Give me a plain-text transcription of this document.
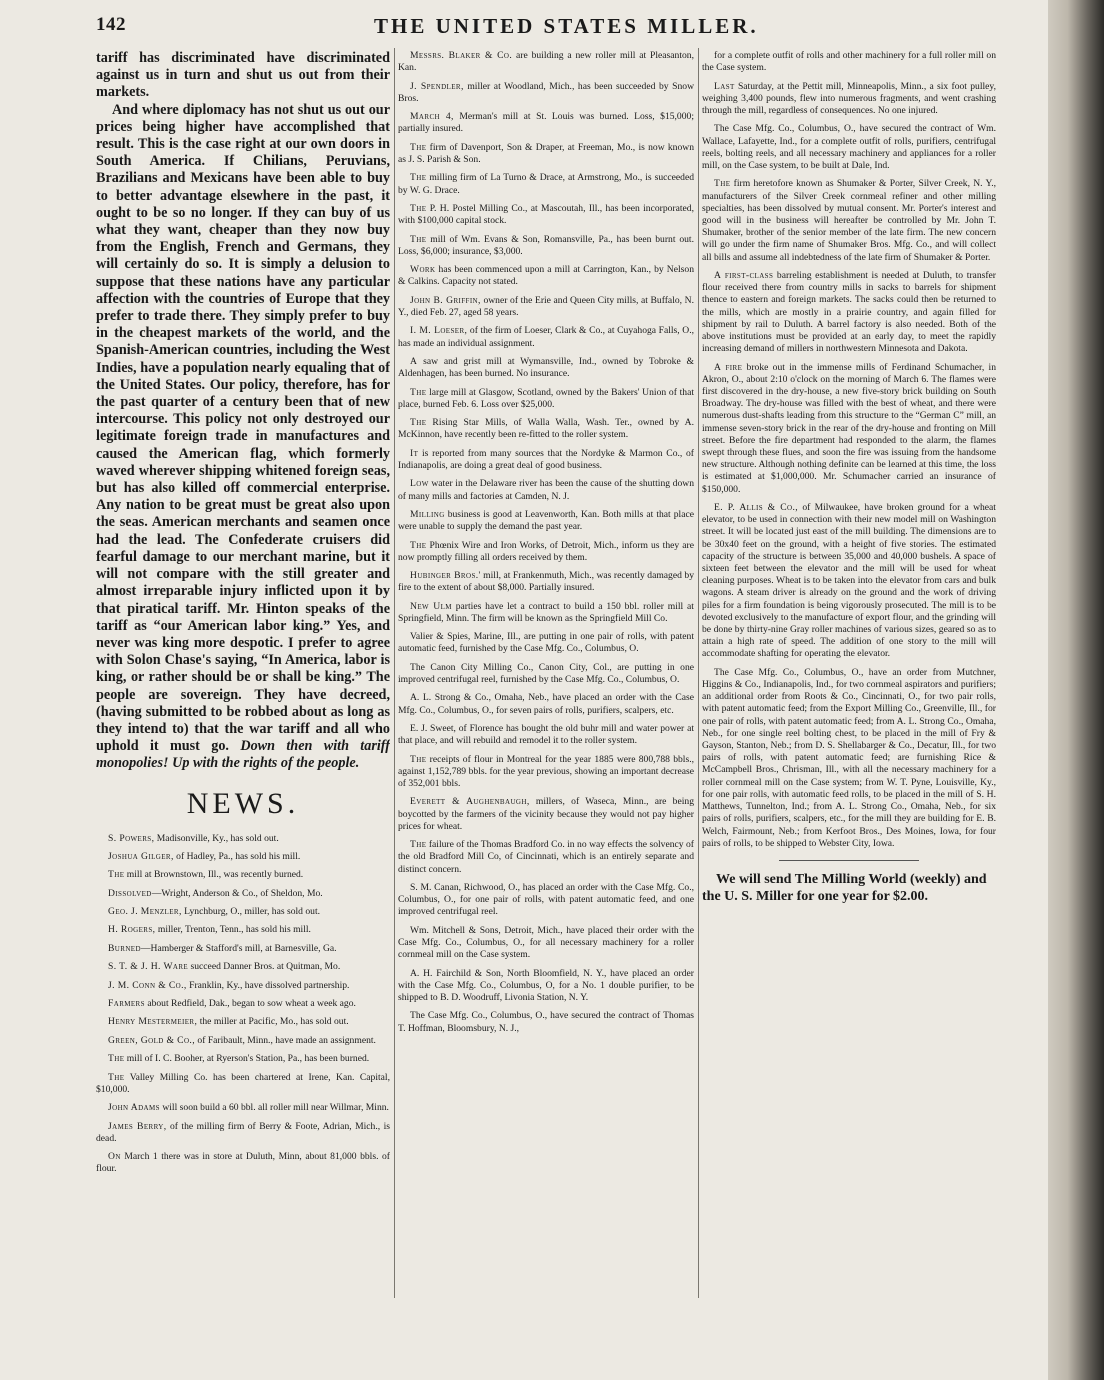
142	THE UNITED STATES MILLER.

tariff has discriminated have discriminated against us in turn and shut us out from their markets.

And where diplomacy has not shut us out our prices being higher have accomplished that result. This is the case right at our own doors in South America. If Chilians, Peruvians, Brazilians and Mexicans have been able to buy to better advantage elsewhere in the past, it ought to be so no longer. If they can buy of us what they want, cheaper than they now buy from the English, French and Germans, they will certainly do so. It is simply a delusion to suppose that these nations have any particular affection with the countries of Europe that they prefer to trade there. They simply prefer to buy in the cheapest markets of the world, and the Spanish-American countries, including the West Indies, have a population nearly equaling that of the United States. Our policy, therefore, has for the past quarter of a century been that of new intercourse. This policy not only destroyed our legitimate foreign trade in manufactures and caused the American flag, which formerly waved wherever shipping whitened foreign seas, but has also killed off commercial enterprise. Any nation to be great must be great also upon the seas. American merchants and seamen once had the lead. The Confederate cruisers did fearful damage to our merchant marine, but it will not compare with the still greater and almost irreparable injury inflicted upon it by that piratical tariff. Mr. Hinton speaks of the tariff as “our American labor king.” Yes, and never was king more despotic. I prefer to agree with Solon Chase's saying, “In America, labor is king, or rather should be or shall be king.” The people are sovereign. They have decreed, (having submitted to be robbed about as long as they intend to) that the war tariff and all who uphold it must go. Down then with tariff monopolies! Up with the rights of the people.

NEWS.

S. Powers, Madisonville, Ky., has sold out.

Joshua Gilger, of Hadley, Pa., has sold his mill.

The mill at Brownstown, Ill., was recently burned.

Dissolved—Wright, Anderson & Co., of Sheldon, Mo.

Geo. J. Menzler, Lynchburg, O., miller, has sold out.

H. Rogers, miller, Trenton, Tenn., has sold his mill.

Burned—Hamberger & Stafford's mill, at Barnesville, Ga.

S. T. & J. H. Ware succeed Danner Bros. at Quitman, Mo.

J. M. Conn & Co., Franklin, Ky., have dissolved partnership.

Farmers about Redfield, Dak., began to sow wheat a week ago.

Henry Mestermeier, the miller at Pacific, Mo., has sold out.

Green, Gold & Co., of Faribault, Minn., have made an assignment.

The mill of I. C. Booher, at Ryerson's Station, Pa., has been burned.

The Valley Milling Co. has been chartered at Irene, Kan. Capital, $10,000.

John Adams will soon build a 60 bbl. all roller mill near Willmar, Minn.

James Berry, of the milling firm of Berry & Foote, Adrian, Mich., is dead.

On March 1 there was in store at Duluth, Minn, about 81,000 bbls. of flour.

Messrs. Blaker & Co. are building a new roller mill at Pleasanton, Kan.

J. Spendler, miller at Woodland, Mich., has been succeeded by Snow Bros.

March 4, Merman's mill at St. Louis was burned. Loss, $15,000; partially insured.

The firm of Davenport, Son & Draper, at Freeman, Mo., is now known as J. S. Parish & Son.

The milling firm of La Turno & Drace, at Armstrong, Mo., is succeeded by W. G. Drace.

The P. H. Postel Milling Co., at Mascoutah, Ill., has been incorporated, with $100,000 capital stock.

The mill of Wm. Evans & Son, Romansville, Pa., has been burnt out. Loss, $6,000; insurance, $3,000.

Work has been commenced upon a mill at Carrington, Kan., by Nelson & Calkins. Capacity not stated.

John B. Griffin, owner of the Erie and Queen City mills, at Buffalo, N. Y., died Feb. 27, aged 58 years.

I. M. Loeser, of the firm of Loeser, Clark & Co., at Cuyahoga Falls, O., has made an individual assignment.

A saw and grist mill at Wymansville, Ind., owned by Tobroke & Aldenhagen, has been burned. No insurance.

The large mill at Glasgow, Scotland, owned by the Bakers' Union of that place, burned Feb. 6. Loss over $25,000.

The Rising Star Mills, of Walla Walla, Wash. Ter., owned by A. McKinnon, have recently been re-fitted to the roller system.

It is reported from many sources that the Nordyke & Marmon Co., of Indianapolis, are doing a great deal of good business.

Low water in the Delaware river has been the cause of the shutting down of many mills and factories at Camden, N. J.

Milling business is good at Leavenworth, Kan. Both mills at that place were unable to supply the demand the past year.

The Phœnix Wire and Iron Works, of Detroit, Mich., inform us they are now promptly filling all orders received by them.

Hubinger Bros.' mill, at Frankenmuth, Mich., was recently damaged by fire to the extent of about $8,000. Partially insured.

New Ulm parties have let a contract to build a 150 bbl. roller mill at Springfield, Minn. The firm will be known as the Springfield Mill Co.

Valier & Spies, Marine, Ill., are putting in one pair of rolls, with patent automatic feed, furnished by the Case Mfg. Co., Columbus, O.

The Canon City Milling Co., Canon City, Col., are putting in one improved centrifugal reel, furnished by the Case Mfg. Co., Columbus, O.

A. L. Strong & Co., Omaha, Neb., have placed an order with the Case Mfg. Co., Columbus, O., for seven pairs of rolls, purifiers, scalpers, etc.

E. J. Sweet, of Florence has bought the old buhr mill and water power at that place, and will rebuild and remodel it to the roller system.

The receipts of flour in Montreal for the year 1885 were 800,788 bbls., against 1,152,789 bbls. for the year previous, showing an important decrease of 352,001 bbls.

Everett & Aughenbaugh, millers, of Waseca, Minn., are being boycotted by the farmers of the vicinity because they would not pay higher prices for wheat.

The failure of the Thomas Bradford Co. in no way effects the solvency of the old Bradford Mill Co, of Cincinnati, which is an entirely separate and distinct concern.

S. M. Canan, Richwood, O., has placed an order with the Case Mfg. Co., Columbus, O., for one pair of rolls, with patent automatic feed, and one improved centrifugal reel.

Wm. Mitchell & Sons, Detroit, Mich., have placed their order with the Case Mfg. Co., Columbus, O., for all necessary machinery for a roller cornmeal mill on the Case system.

A. H. Fairchild & Son, North Bloomfield, N. Y., have placed an order with the Case Mfg. Co., Columbus, O, for a No. 1 double purifier, to be shipped to B. D. Woodruff, Livonia Station, N. Y.

The Case Mfg. Co., Columbus, O., have secured the contract of Thomas T. Hoffman, Bloomsbury, N. J.,

for a complete outfit of rolls and other machinery for a full roller mill on the Case system.

Last Saturday, at the Pettit mill, Minneapolis, Minn., a six foot pulley, weighing 3,400 pounds, flew into numerous fragments, and went crashing through the mill, regardless of consequences. No one injured.

The Case Mfg. Co., Columbus, O., have secured the contract of Wm. Wallace, Lafayette, Ind., for a complete outfit of rolls, purifiers, centrifugal reels, bolting reels, and all necessary machinery and appliances for a roller mill, on the Case system, to be built at Dale, Ind.

The firm heretofore known as Shumaker & Porter, Silver Creek, N. Y., manufacturers of the Silver Creek cornmeal refiner and other milling specialties, has been dissolved by mutual consent. Mr. Porter's interest and good will in the business will hereafter be controlled by Mr. John T. Shumaker, brother of the senior member of the late firm. The new concern will go under the firm name of Shumaker Bros. Mfg. Co., and will collect all bills and assume all indebtedness of the late firm of Shumaker & Porter.

A first-class barreling establishment is needed at Duluth, to transfer flour received there from country mills in sacks to barrels for shipment thence to eastern and foreign markets. The sacks could then be returned to the mills, which are mostly in a prairie country, and again filled for shipment by rail to Duluth. A barrel factory is also needed. Both of the above institutions must be provided at an early day, to meet the rapidly increasing demand of millers in northwestern Minnesota and Dakota.

A fire broke out in the immense mills of Ferdinand Schumacher, in Akron, O., about 2:10 o'clock on the morning of March 6. The flames were first discovered in the dry-house, a new five-story brick building on South Broadway. The dry-house was filled with the best of wheat, and there were numerous dust-shafts leading from this structure to the “German C” mill, an immense seven-story brick in the rear of the dry-house and fronting on Mill street. Before the fire department had responded to the alarm, the flames swept through these flues, and soon the fire was issuing from the handsome new structure. Although nothing definite can be learned at this time, the loss is estimated at $1,000,000. Mr. Schumacher carried an insurance of $150,000.

E. P. Allis & Co., of Milwaukee, have broken ground for a wheat elevator, to be used in connection with their new model mill on Washington street. It will be located just east of the mill building. The dimensions are to be 30x40 feet on the ground, with a height of five stories. The estimated capacity of the structure is between 35,000 and 40,000 bushels. A space of sixteen feet between the elevator and the mill will be used for wheat cleaning purposes. Wheat is to be taken into the elevator from cars and bulk wagons. A steam driver is already on the ground and the work of driving piles for a firm foundation is being vigorously prosecuted. The mill is to be devoted exclusively to the manufacture of export flour, and the grinding will be done by thirty-nine Gray roller machines of various sizes, geared so as to attain a high rate of speed. The addition of one story to the mill will accommodate shafting for operating the elevator.

The Case Mfg. Co., Columbus, O., have an order from Mutchner, Higgins & Co., Indianapolis, Ind., for two cornmeal aspirators and purifiers; an additional order from Roots & Co., Cincinnati, O., for two pair rolls, with patent automatic feed; from the Export Milling Co., Greenville, Ill., for one pair of rolls, with patent automatic feed; from A. L. Strong Co., Omaha, Neb., for one single reel bolting chest, to be placed in the mill of Fry & Gayson, Stanton, Neb.; from D. S. Shellabarger & Co., Decatur, Ill., for two pairs of rolls, with patent automatic feed; are furnishing Rice & McCampbell Bros., Chrisman, Ill., with all the necessary machinery for a roller cornmeal mill on the Case system; from W. T. Pyne, Louisville, Ky., for one pair rolls, with automatic feed rolls, to be placed in the mill of S. H. Matthews, Tunnelton, Ind.; from A. L. Strong Co., Omaha, Neb., for six pairs of rolls, purifiers, scalpers, etc., for the mill they are building for E. B. Welch, Fairmount, Neb.; from Kerfoot Bros., Des Moines, Iowa, for four pairs of rolls, to be shipped to Webster City, Iowa.

We will send The Milling World (weekly) and the U. S. Miller for one year for $2.00.
